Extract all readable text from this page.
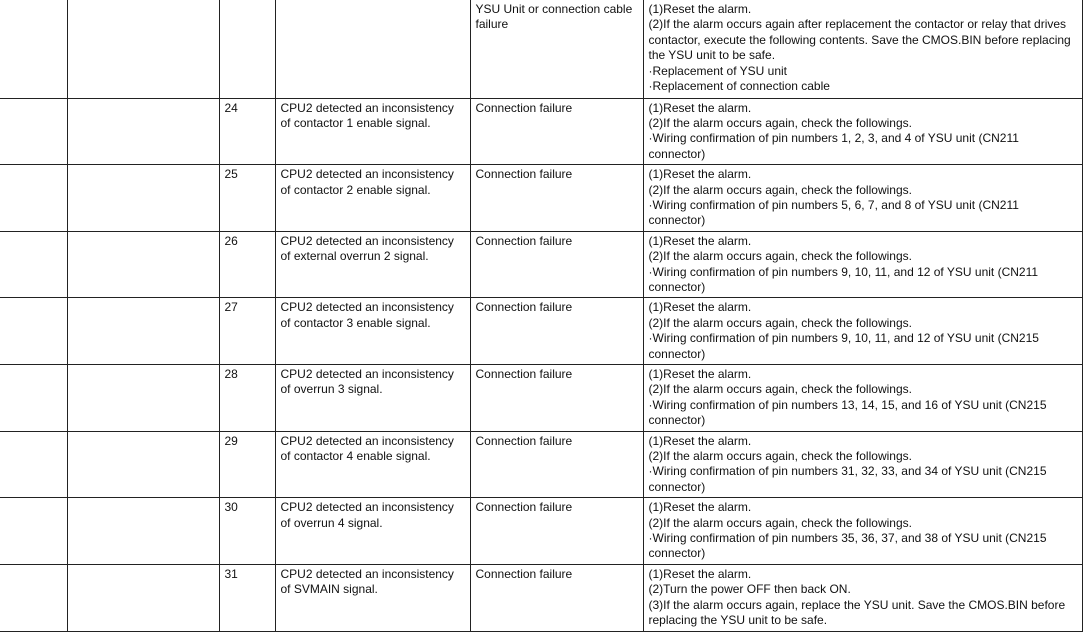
				YSU Unit or connection cable failure	(1)Reset the alarm.
(2)If the alarm occurs again after replacement the contactor or relay that drives contactor, execute the following contents. Save the CMOS.BIN before replacing the YSU unit to be safe.
·Replacement of YSU unit
·Replacement of connection cable

		24	CPU2 detected an inconsistency of contactor 1 enable signal.	Connection failure	(1)Reset the alarm.
(2)If the alarm occurs again, check the followings.
·Wiring confirmation of pin numbers 1, 2, 3, and 4 of YSU unit (CN211 connector)

		25	CPU2 detected an inconsistency of contactor 2 enable signal.	Connection failure	(1)Reset the alarm.
(2)If the alarm occurs again, check the followings.
·Wiring confirmation of pin numbers 5, 6, 7, and 8 of YSU unit (CN211 connector)

		26	CPU2 detected an inconsistency of external overrun 2 signal.	Connection failure	(1)Reset the alarm.
(2)If the alarm occurs again, check the followings.
·Wiring confirmation of pin numbers 9, 10, 11, and 12 of YSU unit (CN211 connector)

		27	CPU2 detected an inconsistency of contactor 3 enable signal.	Connection failure	(1)Reset the alarm.
(2)If the alarm occurs again, check the followings.
·Wiring confirmation of pin numbers 9, 10, 11, and 12 of YSU unit (CN215 connector)

		28	CPU2 detected an inconsistency of overrun 3 signal.	Connection failure	(1)Reset the alarm.
(2)If the alarm occurs again, check the followings.
·Wiring confirmation of pin numbers 13, 14, 15, and 16 of YSU unit (CN215 connector)

		29	CPU2 detected an inconsistency of contactor 4 enable signal.	Connection failure	(1)Reset the alarm.
(2)If the alarm occurs again, check the followings.
·Wiring confirmation of pin numbers 31, 32, 33, and 34 of YSU unit (CN215 connector)

		30	CPU2 detected an inconsistency of overrun 4 signal.	Connection failure	(1)Reset the alarm.
(2)If the alarm occurs again, check the followings.
·Wiring confirmation of pin numbers 35, 36, 37, and 38 of YSU unit (CN215 connector)

		31	CPU2 detected an inconsistency of SVMAIN signal.	Connection failure	(1)Reset the alarm.
(2)Turn the power OFF then back ON.
(3)If the alarm occurs again, replace the YSU unit. Save the CMOS.BIN before replacing the YSU unit to be safe.
